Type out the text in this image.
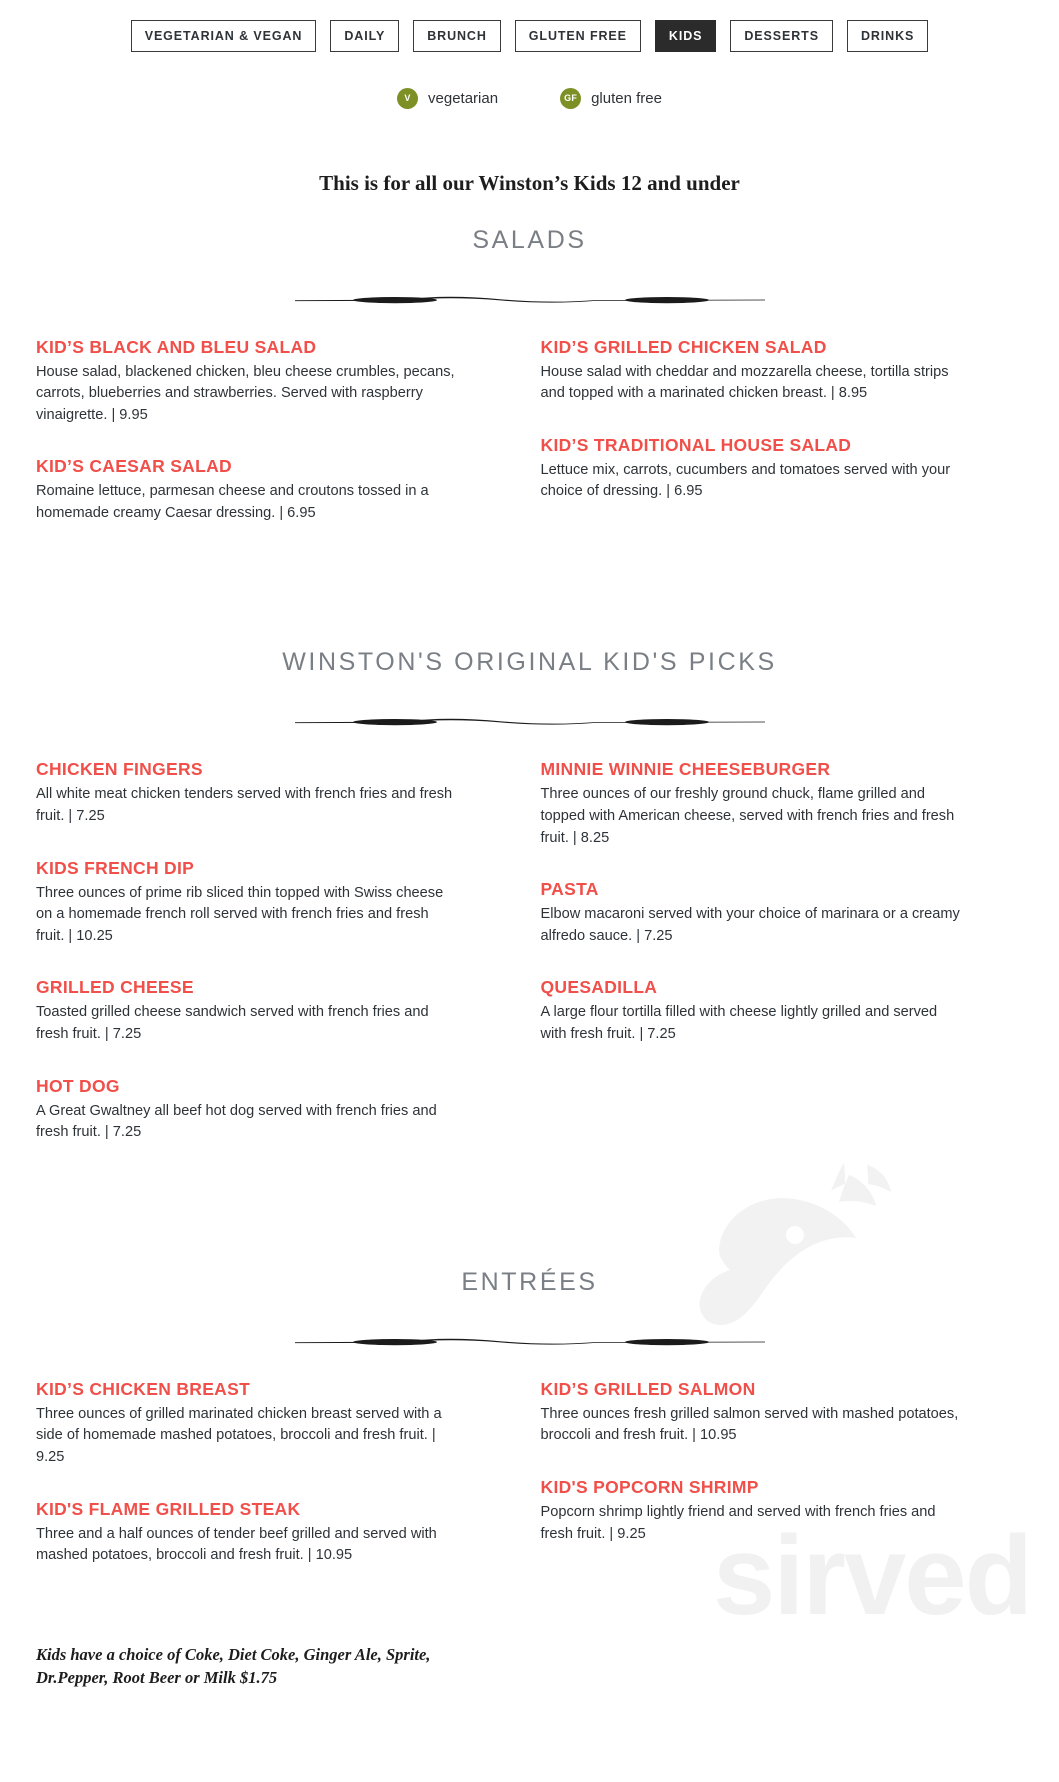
sirved
VEGETARIAN & VEGAN	DAILY	BRUNCH	GLUTEN FREE	KIDS	DESSERTS	DRINKS
V	vegetarian	GF gluten free
This is for all our Winston’s Kids 12 and under
SALADS

KID’S BLACK AND BLEU SALAD

House salad, blackened chicken, bleu cheese crumbles, pecans, carrots, blueberries and strawberries. Served with raspberry vinaigrette. | 9.95

KID’S CAESAR SALAD

Romaine lettuce, parmesan cheese and croutons tossed in a homemade creamy Caesar dressing. | 6.95

KID’S GRILLED CHICKEN SALAD

House salad with cheddar and mozzarella cheese, tortilla strips and topped with a marinated chicken breast. | 8.95

KID’S TRADITIONAL HOUSE SALAD

Lettuce mix, carrots, cucumbers and tomatoes served with your choice of dressing. | 6.95

WINSTON'S ORIGINAL KID'S PICKS

CHICKEN FINGERS

All white meat chicken tenders served with french fries and fresh fruit. | 7.25

KIDS FRENCH DIP

Three ounces of prime rib sliced thin topped with Swiss cheese on a homemade french roll served with french fries and fresh fruit. | 10.25

GRILLED CHEESE

Toasted grilled cheese sandwich served with french fries and fresh fruit. | 7.25

HOT DOG

A Great Gwaltney all beef hot dog served with french fries and fresh fruit. | 7.25

MINNIE WINNIE CHEESEBURGER

Three ounces of our freshly ground chuck, flame grilled and topped with American cheese, served with french fries and fresh fruit. | 8.25

PASTA

Elbow macaroni served with your choice of marinara or a creamy alfredo sauce. | 7.25

QUESADILLA

A large flour tortilla filled with cheese lightly grilled and served with fresh fruit. | 7.25

ENTRÉES

KID’S CHICKEN BREAST

Three ounces of grilled marinated chicken breast served with a side of homemade mashed potatoes, broccoli and fresh fruit. | 9.25

KID'S FLAME GRILLED STEAK

Three and a half ounces of tender beef grilled and served with mashed potatoes, broccoli and fresh fruit. | 10.95

KID’S GRILLED SALMON

Three ounces fresh grilled salmon served with mashed potatoes, broccoli and fresh fruit. | 10.95

KID'S POPCORN SHRIMP

Popcorn shrimp lightly friend and served with french fries and fresh fruit. | 9.25

Kids have a choice of Coke, Diet Coke, Ginger Ale, Sprite, Dr.Pepper, Root Beer or Milk $1.75
